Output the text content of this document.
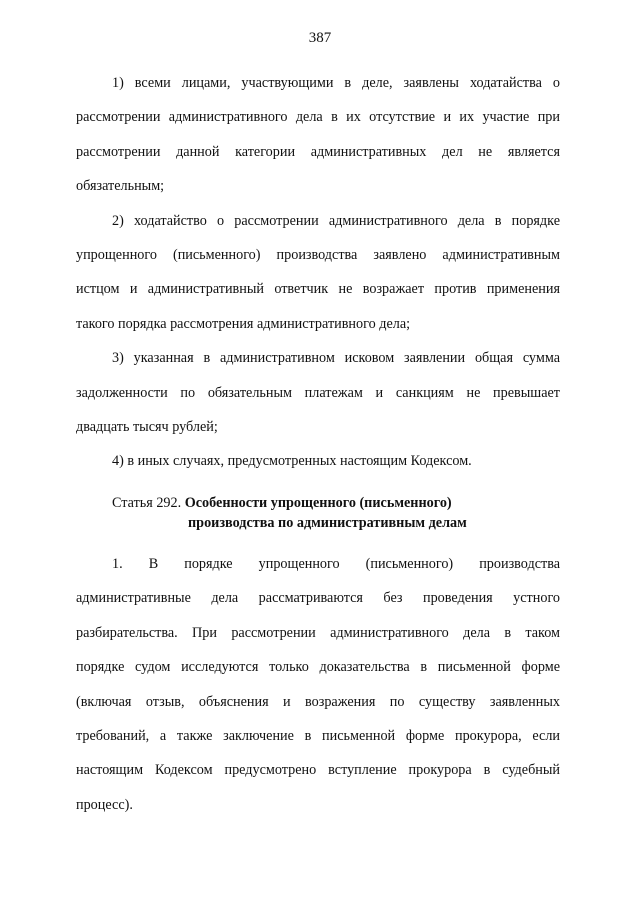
387

1) всеми лицами, участвующими в деле, заявлены ходатайства о
рассмотрении административного дела в их отсутствие и их участие при
рассмотрении данной категории административных дел не является
обязательным;

2) ходатайство о рассмотрении административного дела в порядке
упрощенного (письменного) производства заявлено административным
истцом и административный ответчик не возражает против применения
такого порядка рассмотрения административного дела;

3) указанная в административном исковом заявлении общая сумма
задолженности по обязательным платежам и санкциям не превышает
двадцать тысяч рублей;

4) в иных случаях, предусмотренных настоящим Кодексом.

Статья 292. Особенности упрощенного (письменного)
производства по административным делам

1. В порядке упрощенного (письменного) производства
административные дела рассматриваются без проведения устного
разбирательства. При рассмотрении административного дела в таком
порядке судом исследуются только доказательства в письменной форме
(включая отзыв, объяснения и возражения по существу заявленных
требований, а также заключение в письменной форме прокурора, если
настоящим Кодексом предусмотрено вступление прокурора в судебный
процесс).
